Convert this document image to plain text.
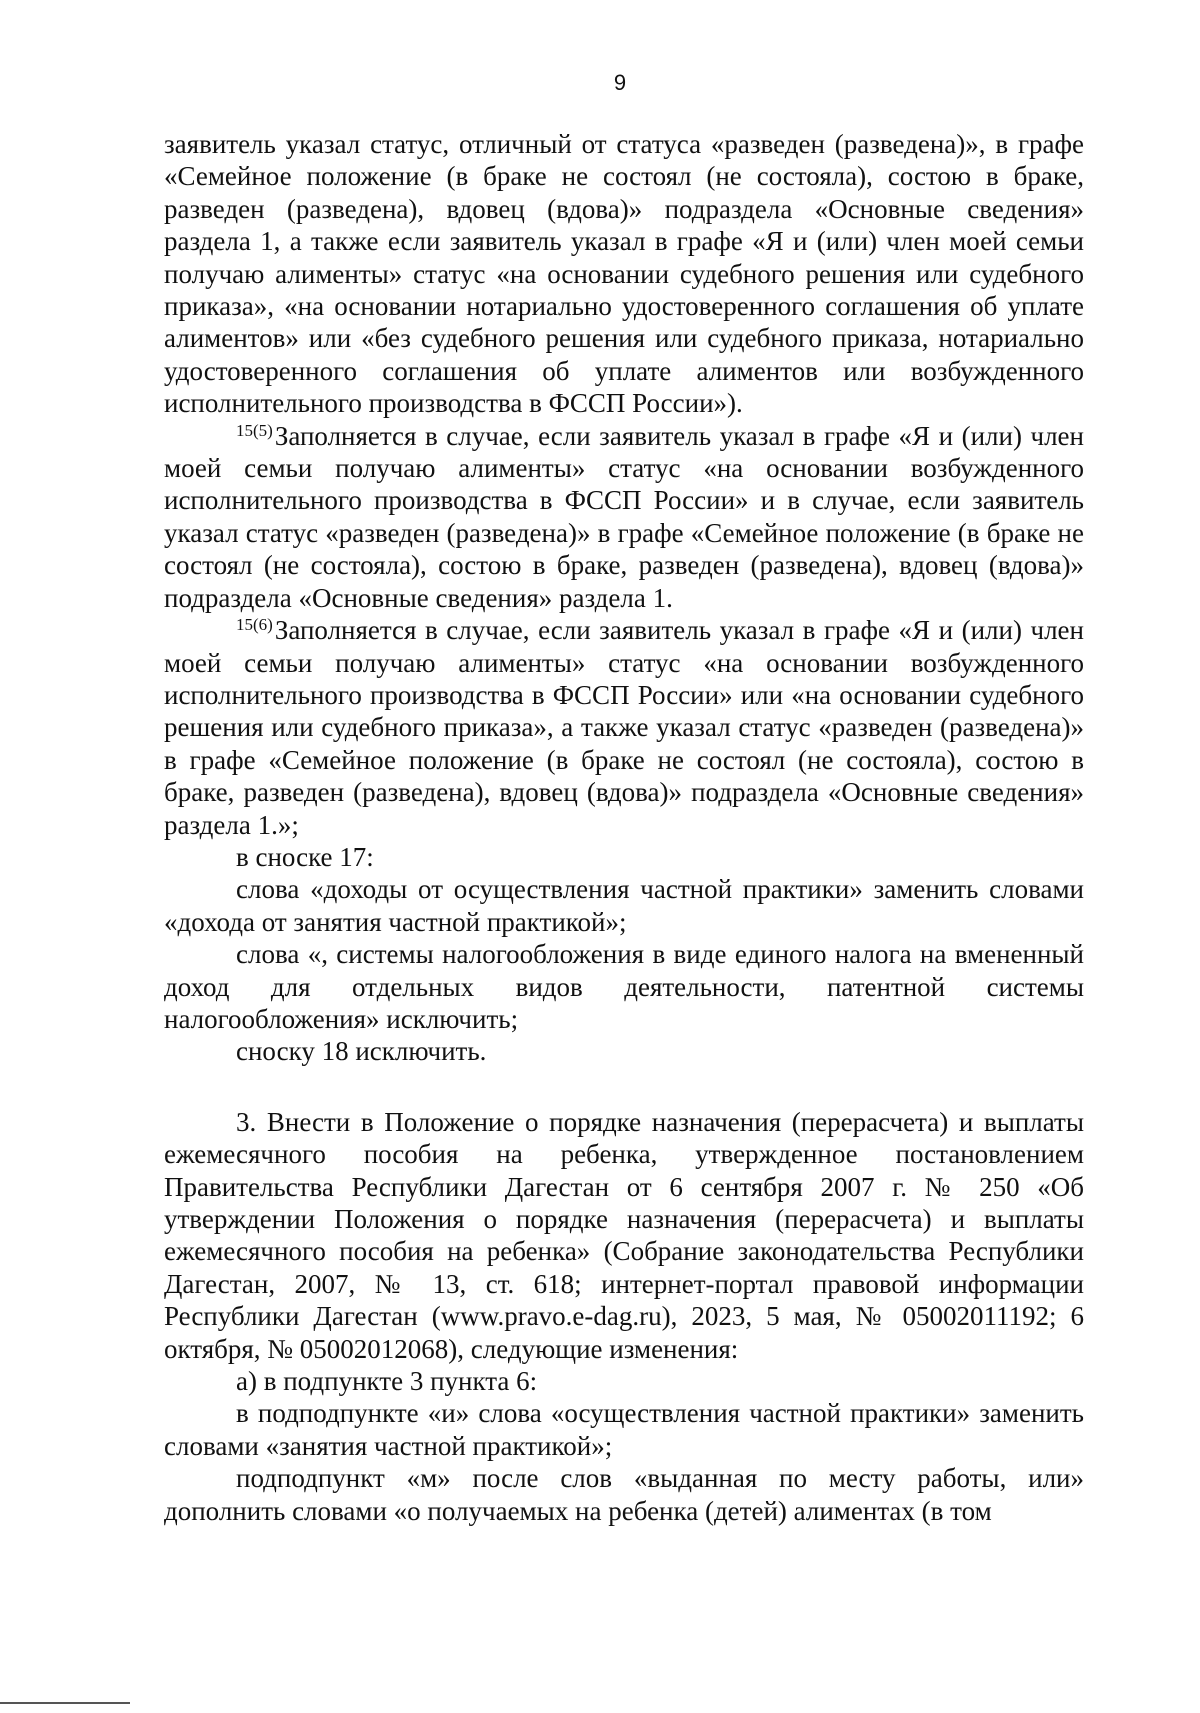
9

заявитель указал статус, отличный от статуса «разведен (разведена)», в графе «Семейное положение (в браке не состоял (не состояла), состою в браке, разведен (разведена), вдовец (вдова)» подраздела «Основные сведения» раздела 1, а также если заявитель указал в графе «Я и (или) член моей семьи получаю алименты» статус «на основании судебного решения или судебного приказа», «на основании нотариально удостоверенного соглашения об уплате алиментов» или «без судебного решения или судебного приказа, нотариально удостоверенного соглашения об уплате алиментов или возбужденного исполнительного производства в ФССП России»).

$^{15(5)}$Заполняется в случае, если заявитель указал в графе «Я и (или) член моей семьи получаю алименты» статус «на основании возбужденного исполнительного производства в ФССП России» и в случае, если заявитель указал статус «разведен (разведена)» в графе «Семейное положение (в браке не состоял (не состояла), состою в браке, разведен (разведена), вдовец (вдова)» подраздела «Основные сведения» раздела 1.

$^{15(6)}$Заполняется в случае, если заявитель указал в графе «Я и (или) член моей семьи получаю алименты» статус «на основании возбужденного исполнительного производства в ФССП России» или «на основании судебного решения или судебного приказа», а также указал статус «разведен (разведена)» в графе «Семейное положение (в браке не состоял (не состояла), состою в браке, разведен (разведена), вдовец (вдова)» подраздела «Основные сведения» раздела 1.»;

в сноске 17:

слова «доходы от осуществления частной практики» заменить словами «дохода от занятия частной практикой»;

слова «, системы налогообложения в виде единого налога на вмененный доход для отдельных видов деятельности, патентной системы налогообложения» исключить;

сноску 18 исключить.

3. Внести в Положение о порядке назначения (перерасчета) и выплаты ежемесячного пособия на ребенка, утвержденное постановлением Правительства Республики Дагестан от 6 сентября 2007 г. № 250 «Об утверждении Положения о порядке назначения (перерасчета) и выплаты ежемесячного пособия на ребенка» (Собрание законодательства Республики Дагестан, 2007, № 13, ст. 618; интернет-портал правовой информации Республики Дагестан (www.pravo.e-dag.ru), 2023, 5 мая, № 05002011192; 6 октября, № 05002012068), следующие изменения:

а) в подпункте 3 пункта 6:

в подподпункте «и» слова «осуществления частной практики» заменить словами «занятия частной практикой»;

подподпункт «м» после слов «выданная по месту работы, или» дополнить словами «о получаемых на ребенка (детей) алиментах (в том
